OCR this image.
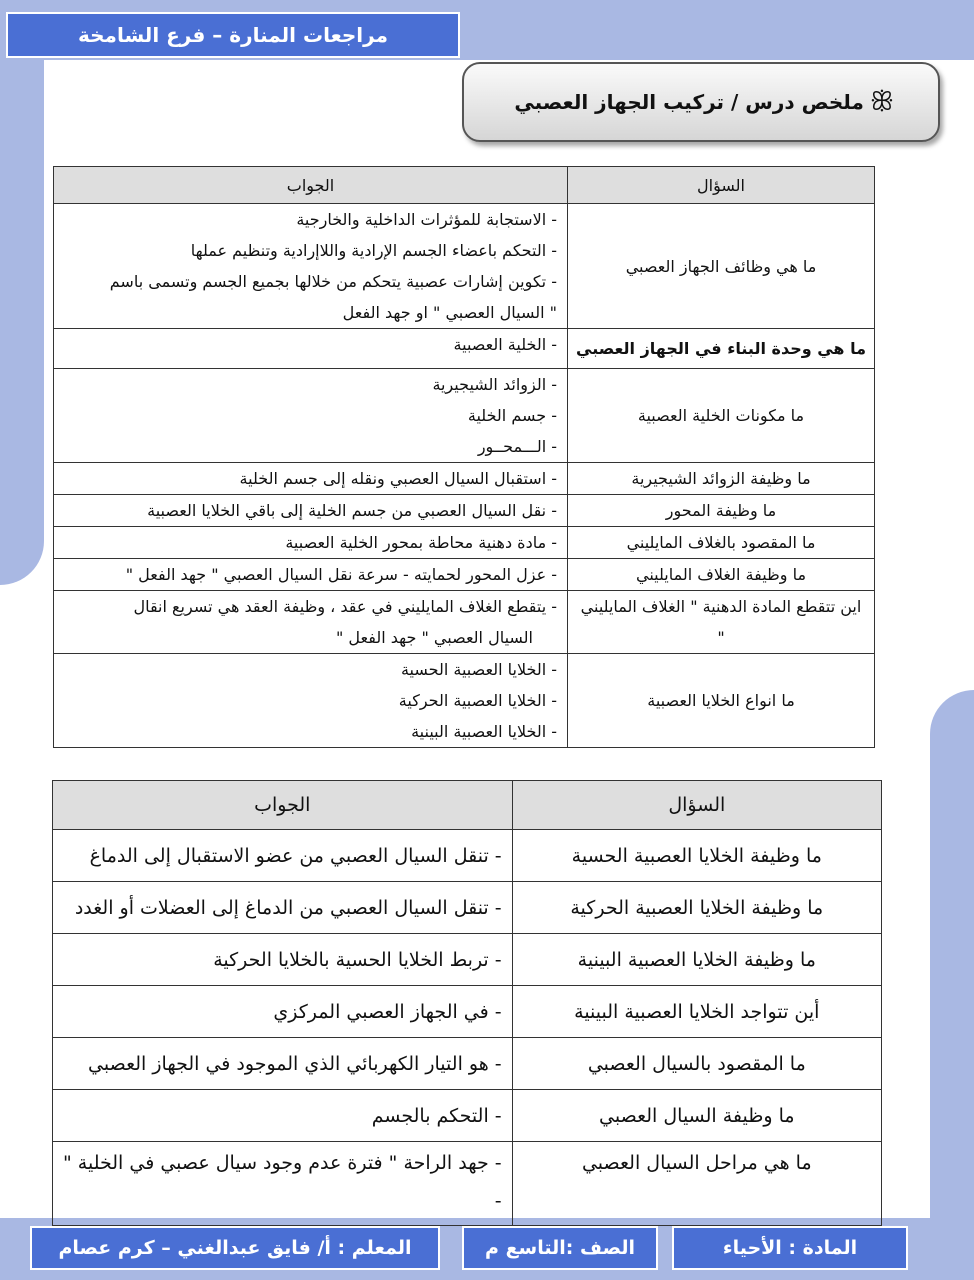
مراجعات المنارة – فرع الشامخة
ملخص درس / تركيب الجهاز العصبي ꕥ
السؤال	الجواب
ما هي وظائف الجهاز العصبي	- الاستجابة للمؤثرات الداخلية والخارجية
- التحكم باعضاء الجسم الإرادية واللاإرادية وتنظيم عملها
- تكوين إشارات عصبية يتحكم من خلالها بجميع الجسم وتسمى باسم
" السيال العصبي " او جهد الفعل

ما هي وحدة البناء في الجهاز العصبي	- الخلية العصبية

ما مكونات الخلية العصبية	- الزوائد الشيجيرية
- جسم الخلية
- الـــمحــور

ما وظيفة الزوائد الشيجيرية	- استقبال السيال العصبي ونقله إلى جسم الخلية

ما وظيفة المحور	- نقل السيال العصبي من جسم الخلية إلى باقي الخلايا العصبية

ما المقصود بالغلاف المايليني	- مادة دهنية محاطة بمحور الخلية العصبية

ما وظيفة الغلاف المايليني	- عزل المحور لحمايته - سرعة نقل السيال العصبي " جهد الفعل "

اين تتقطع المادة الدهنية " الغلاف المايليني "	- يتقطع الغلاف المايليني في عقد ، وظيفة العقد هي تسريع انقال
السيال العصبي " جهد الفعل "

ما انواع الخلايا العصبية	- الخلايا العصبية الحسية
- الخلايا العصبية الحركية
- الخلايا العصبية البينية
السؤال	الجواب
ما وظيفة الخلايا العصبية الحسية	- تنقل السيال العصبي من عضو الاستقبال إلى الدماغ

ما وظيفة الخلايا العصبية الحركية	- تنقل السيال العصبي من الدماغ إلى العضلات أو الغدد

ما وظيفة الخلايا العصبية البينية	- تربط الخلايا الحسية بالخلايا الحركية

أين تتواجد الخلايا العصبية البينية	- في الجهاز العصبي المركزي

ما المقصود بالسيال العصبي	- هو التيار الكهربائي الذي الموجود في الجهاز العصبي

ما وظيفة السيال العصبي	- التحكم بالجسم

ما هي مراحل السيال العصبي	- جهد الراحة " فترة عدم وجود سيال عصبي في الخلية "
-
المادة : الأحياء
الصف :التاسع م
المعلم : أ/ فايق عبدالغني – كرم عصام
